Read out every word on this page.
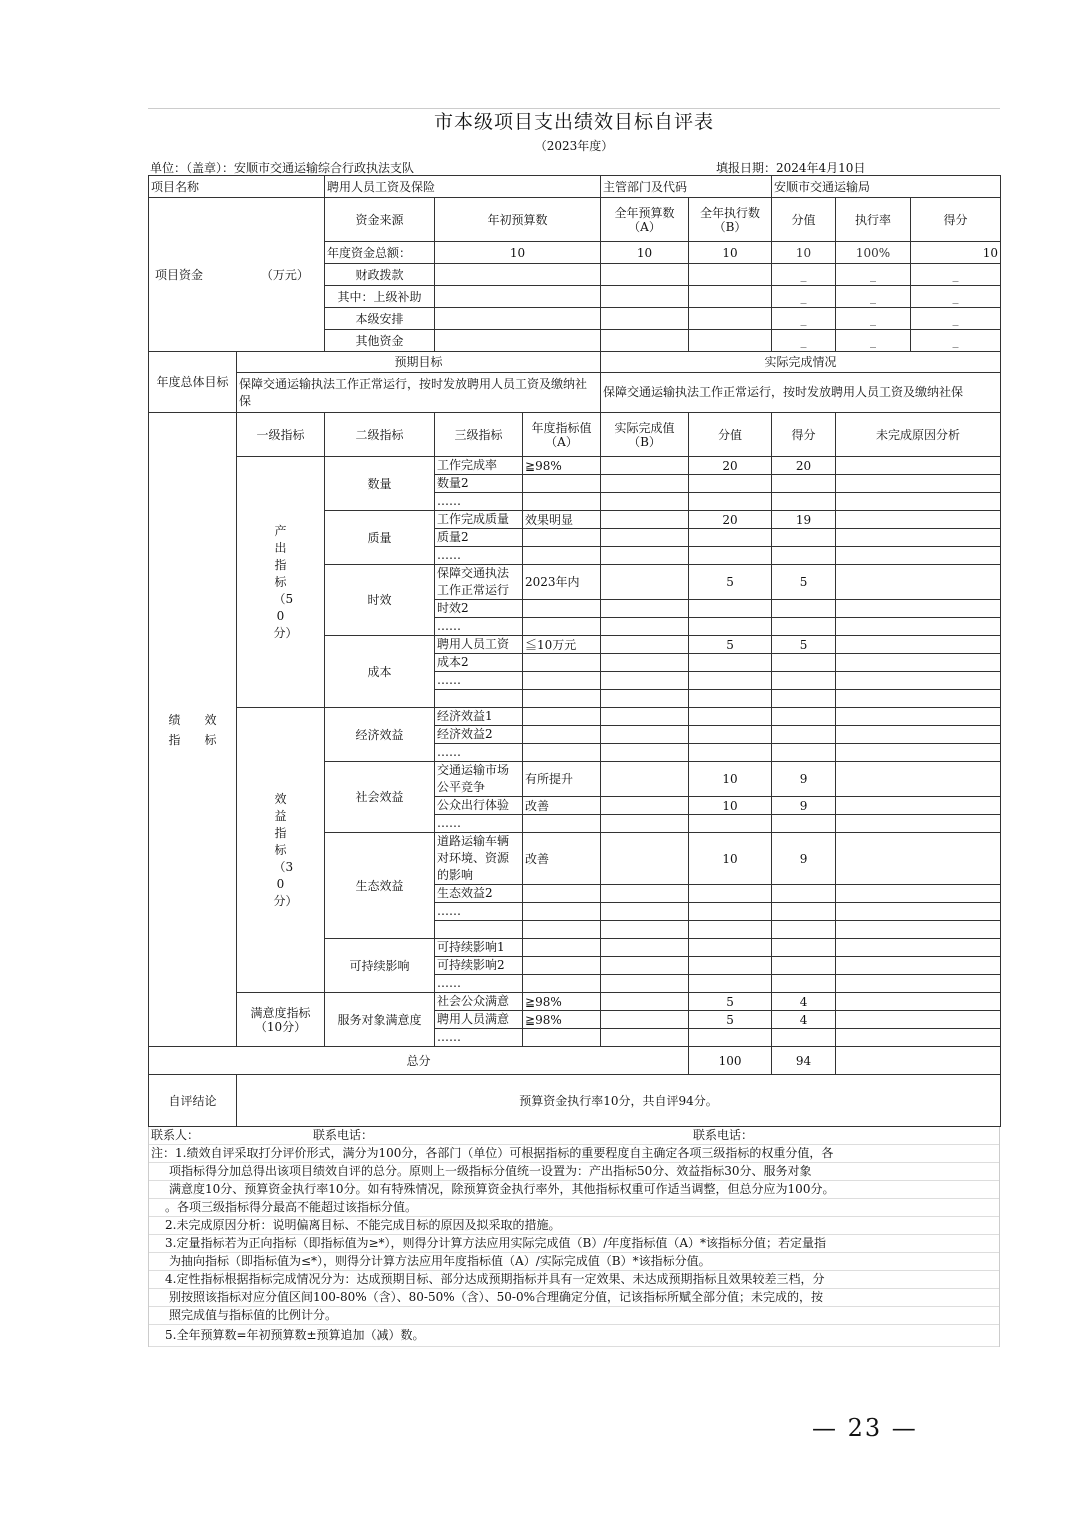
市本级项目支出绩效目标自评表
（2023年度）
单位：（盖章）：安顺市交通运输综合行政执法支队	填报日期：2024年4月10日
项目名称		聘用人员工资及保险			主管部门及代码		安顺市交通运输局		
项目资金 （万元）		资金来源	年初预算数		全年预算数（A）	全年执行数（B）	分值	执行率	得分
		年度资金总额：	10		10	10	10	100%	10
		财政拨款					_	_	_
		其中：上级补助					_	_	_
		本级安排					_	_	_
		其他资金					_	_	_
年度总体目标	预期目标				实际完成情况				
	保障交通运输执法工作正常运行，按时发放聘用人员工资及缴纳社保				保障交通运输执法工作正常运行，按时发放聘用人员工资及缴纳社保				
绩　　效指　　标	一级指标	二级指标	三级指标	年度指标值（A）	实际完成值（B）	分值	得分	未完成原因分析	
	产出指标（50分）	数量	工作完成率	≧98%		20	20		
			数量2						
			……						
		质量	工作完成质量	效果明显		20	19		
			质量2						
			……						
		时效	保障交通执法工作正常运行	2023年内		5	5		
			时效2						
			……						
		成本	聘用人员工资	≦10万元		5	5		
			成本2						
			……						

	效益指标（30分）	经济效益	经济效益1						
			经济效益2						
			……						
		社会效益	交通运输市场公平竞争	有所提升		10	9		
			公众出行体验	改善		10	9		
			……						
		生态效益	道路运输车辆对环境、资源的影响	改善		10	9		
			生态效益2						
			……						

		可持续影响	可持续影响1						
			可持续影响2						
			……						
	满意度指标（10分）	服务对象满意度	社会公众满意	≧98%		5	4		
			聘用人员满意	≧98%		5	4		
			……						
总分						100	94		
自评结论	预算资金执行率10分，共自评94分。								
联系人：	联系电话：	联系电话：
注：1.绩效自评采取打分评价形式，满分为100分，各部门（单位）可根据指标的重要程度自主确定各项三级指标的权重分值，各
项指标得分加总得出该项目绩效自评的总分。原则上一级指标分值统一设置为：产出指标50分、效益指标30分、服务对象
满意度10分、预算资金执行率10分。如有特殊情况，除预算资金执行率外，其他指标权重可作适当调整，但总分应为100分。
。各项三级指标得分最高不能超过该指标分值。
2.未完成原因分析：说明偏离目标、不能完成目标的原因及拟采取的措施。
3.定量指标若为正向指标（即指标值为≥*），则得分计算方法应用实际完成值（B）/年度指标值（A）*该指标分值；若定量指
为抽向指标（即指标值为≤*），则得分计算方法应用年度指标值（A）/实际完成值（B）*该指标分值。
4.定性指标根据指标完成情况分为：达成预期目标、部分达成预期指标并具有一定效果、未达成预期指标且效果较差三档，分
别按照该指标对应分值区间100-80%（含）、80-50%（含）、50-0%合理确定分值，记该指标所赋全部分值；未完成的，按
照完成值与指标值的比例计分。
5.全年预算数=年初预算数±预算追加（减）数。
— 23 —
